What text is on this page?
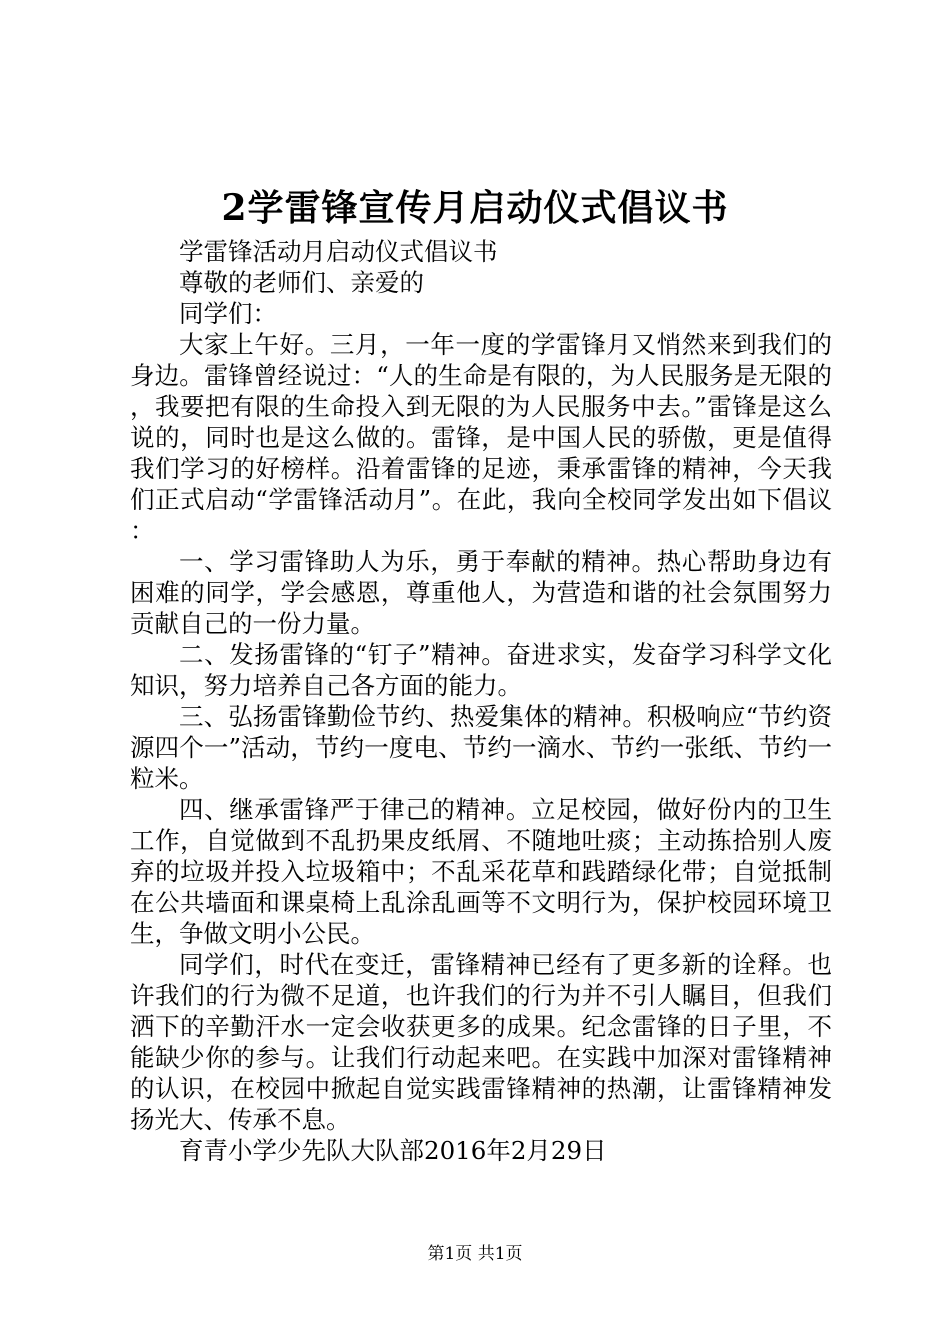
2学雷锋宣传月启动仪式倡议书

学雷锋活动月启动仪式倡议书

尊敬的老师们、亲爱的

同学们：

大家上午好。三月，一年一度的学雷锋月又悄然来到我们的身边。雷锋曾经说过：“人的生命是有限的，为人民服务是无限的，我要把有限的生命投入到无限的为人民服务中去。”雷锋是这么说的，同时也是这么做的。雷锋，是中国人民的骄傲，更是值得我们学习的好榜样。沿着雷锋的足迹，秉承雷锋的精神，今天我们正式启动“学雷锋活动月”。在此，我向全校同学发出如下倡议：

一、学习雷锋助人为乐，勇于奉献的精神。热心帮助身边有困难的同学，学会感恩，尊重他人，为营造和谐的社会氛围努力贡献自己的一份力量。

二、发扬雷锋的“钉子”精神。奋进求实，发奋学习科学文化知识，努力培养自己各方面的能力。

三、弘扬雷锋勤俭节约、热爱集体的精神。积极响应“节约资源四个一”活动，节约一度电、节约一滴水、节约一张纸、节约一粒米。

四、继承雷锋严于律己的精神。立足校园，做好份内的卫生工作，自觉做到不乱扔果皮纸屑、不随地吐痰；主动拣拾别人废弃的垃圾并投入垃圾箱中；不乱采花草和践踏绿化带；自觉抵制在公共墙面和课桌椅上乱涂乱画等不文明行为，保护校园环境卫生，争做文明小公民。

同学们，时代在变迁，雷锋精神已经有了更多新的诠释。也许我们的行为微不足道，也许我们的行为并不引人瞩目，但我们洒下的辛勤汗水一定会收获更多的成果。纪念雷锋的日子里，不能缺少你的参与。让我们行动起来吧。在实践中加深对雷锋精神的认识，在校园中掀起自觉实践雷锋精神的热潮，让雷锋精神发扬光大、传承不息。

育青小学少先队大队部2016年2月29日

第1页 共1页
